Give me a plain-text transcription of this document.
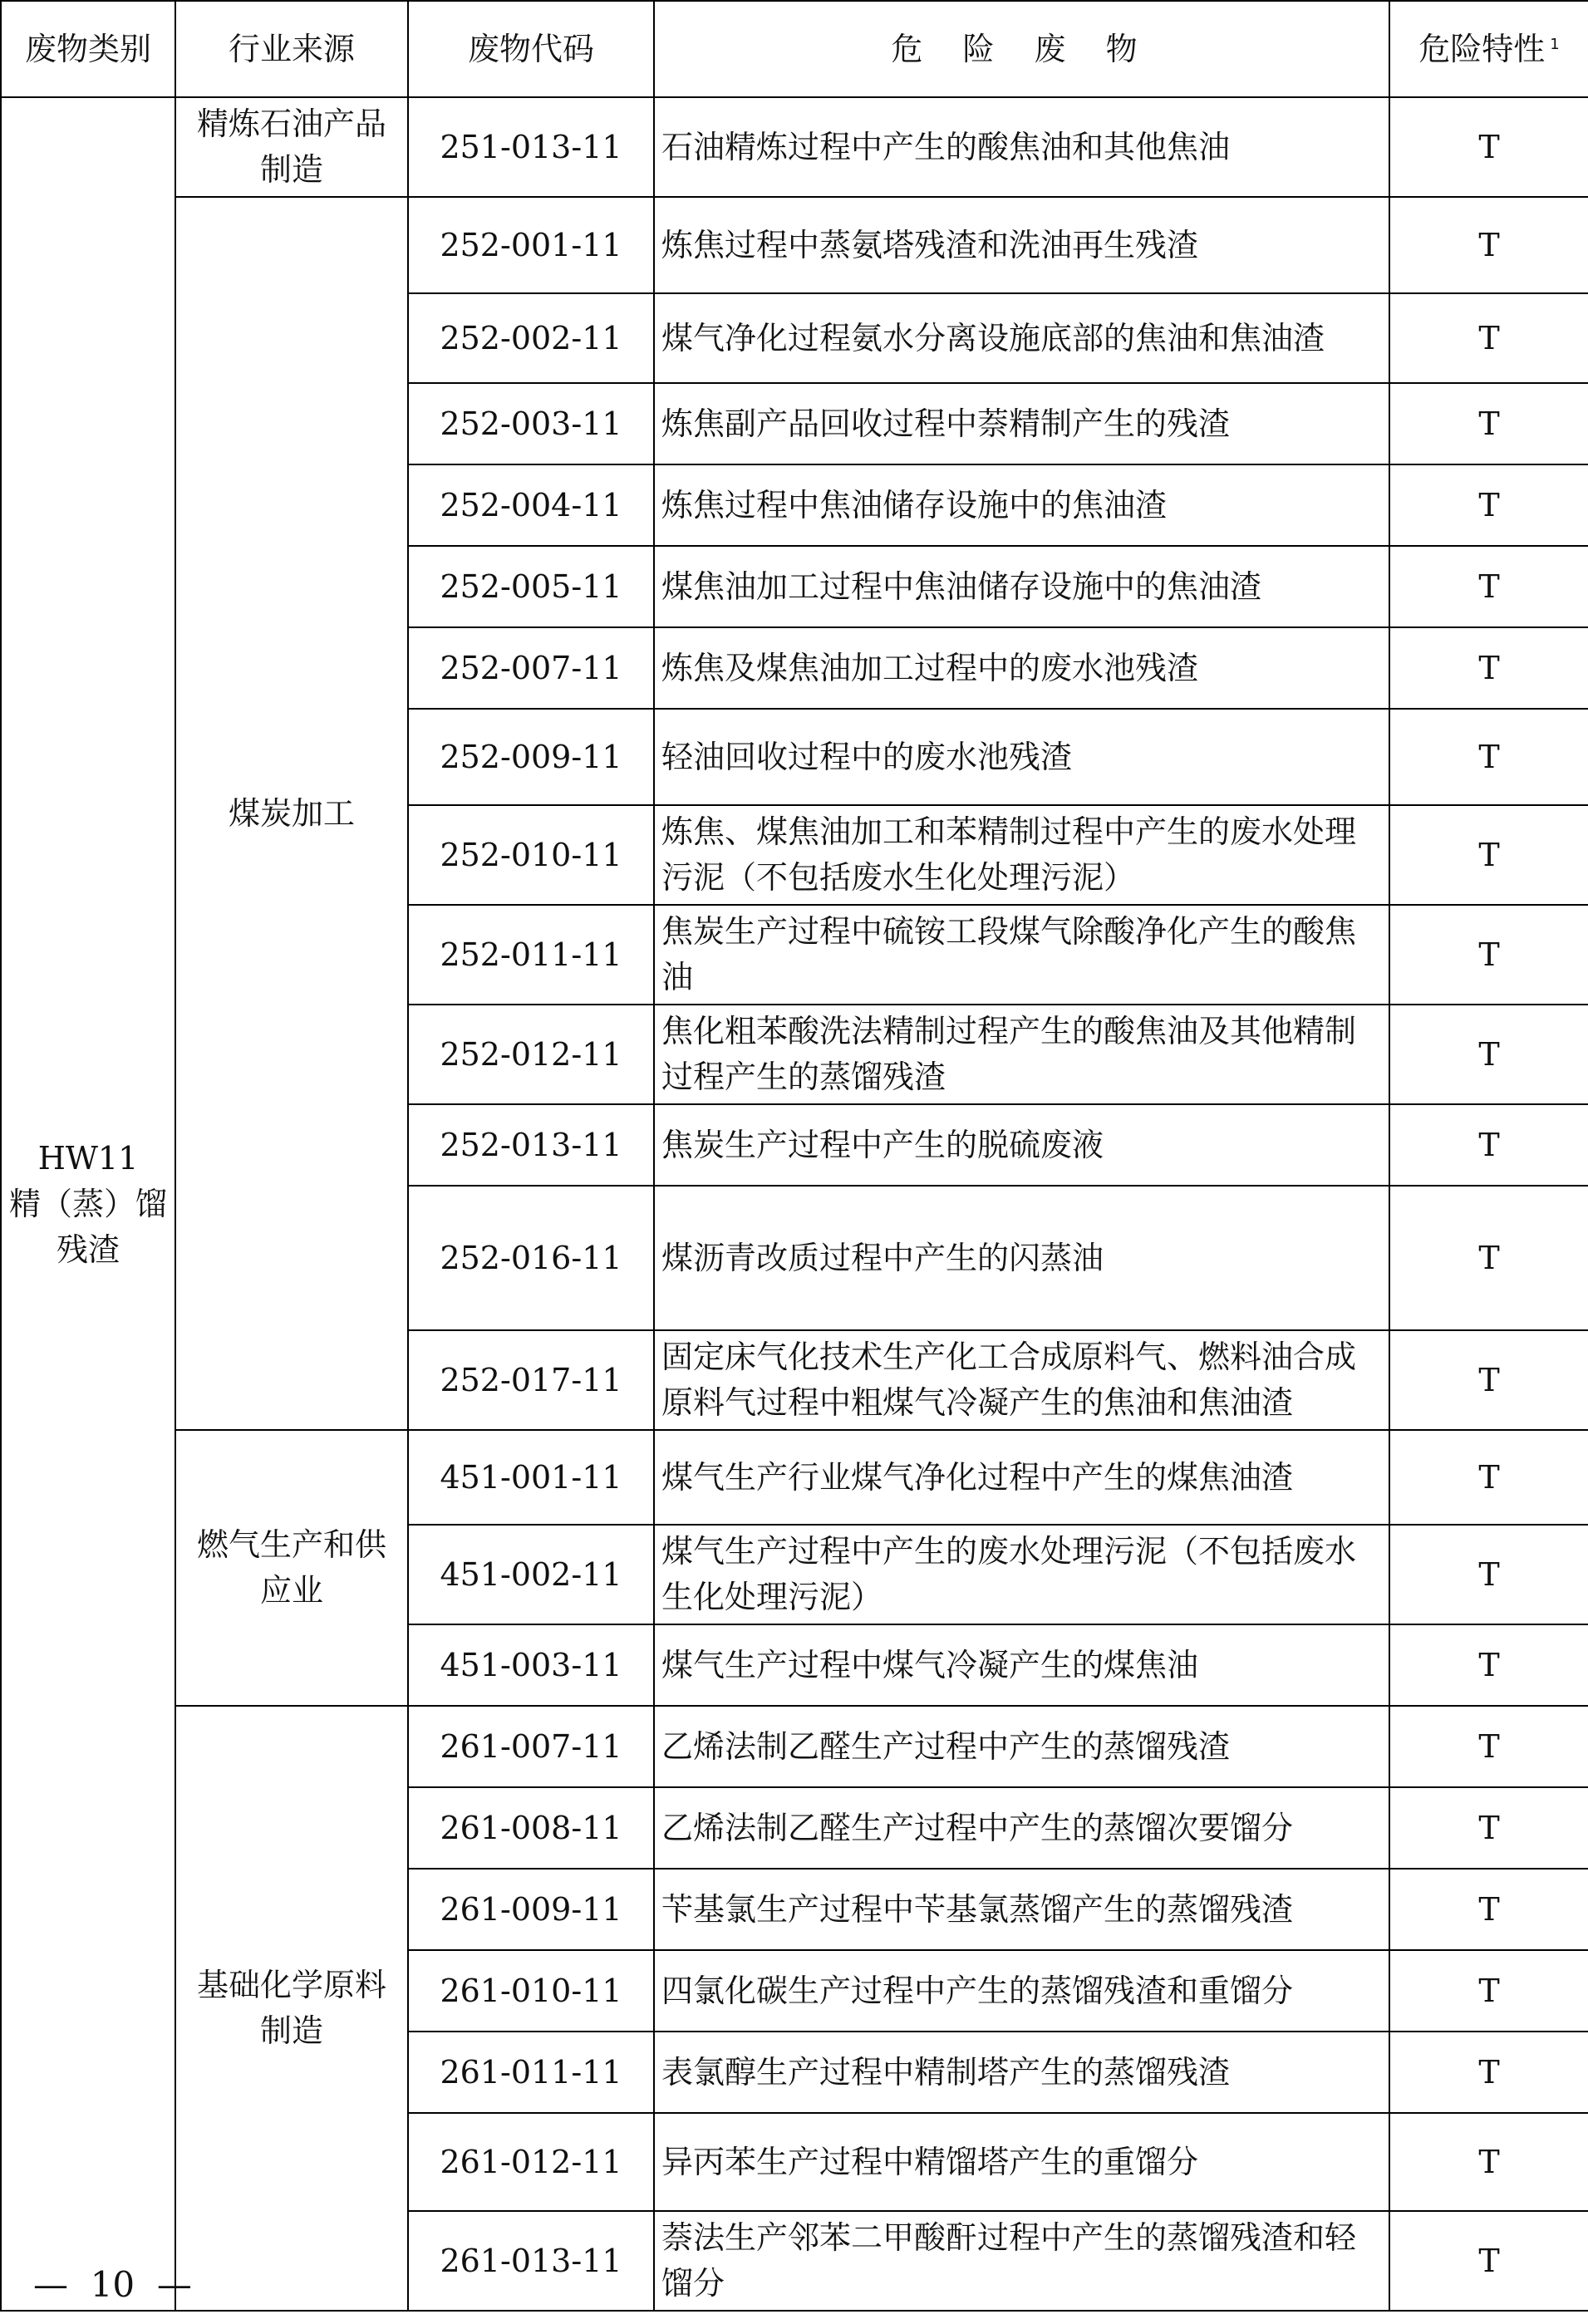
废物类别	行业来源	废物代码	危 险 废 物	危险特性 $^1$

HW11
精（蒸）馏残渣	精炼石油产品制造	251-013-11	石油精炼过程中产生的酸焦油和其他焦油	T
	煤炭加工	252-001-11	炼焦过程中蒸氨塔残渣和洗油再生残渣	T
		252-002-11	煤气净化过程氨水分离设施底部的焦油和焦油渣	T
		252-003-11	炼焦副产品回收过程中萘精制产生的残渣	T
		252-004-11	炼焦过程中焦油储存设施中的焦油渣	T
		252-005-11	煤焦油加工过程中焦油储存设施中的焦油渣	T
		252-007-11	炼焦及煤焦油加工过程中的废水池残渣	T
		252-009-11	轻油回收过程中的废水池残渣	T
		252-010-11	炼焦、煤焦油加工和苯精制过程中产生的废水处理污泥（不包括废水生化处理污泥）	T
		252-011-11	焦炭生产过程中硫铵工段煤气除酸净化产生的酸焦油	T
		252-012-11	焦化粗苯酸洗法精制过程产生的酸焦油及其他精制过程产生的蒸馏残渣	T
		252-013-11	焦炭生产过程中产生的脱硫废液	T
		252-016-11	煤沥青改质过程中产生的闪蒸油	T
		252-017-11	固定床气化技术生产化工合成原料气、燃料油合成原料气过程中粗煤气冷凝产生的焦油和焦油渣	T
	燃气生产和供应业	451-001-11	煤气生产行业煤气净化过程中产生的煤焦油渣	T
		451-002-11	煤气生产过程中产生的废水处理污泥（不包括废水生化处理污泥）	T
		451-003-11	煤气生产过程中煤气冷凝产生的煤焦油	T
	基础化学原料制造	261-007-11	乙烯法制乙醛生产过程中产生的蒸馏残渣	T
		261-008-11	乙烯法制乙醛生产过程中产生的蒸馏次要馏分	T
		261-009-11	苄基氯生产过程中苄基氯蒸馏产生的蒸馏残渣	T
		261-010-11	四氯化碳生产过程中产生的蒸馏残渣和重馏分	T
		261-011-11	表氯醇生产过程中精制塔产生的蒸馏残渣	T
		261-012-11	异丙苯生产过程中精馏塔产生的重馏分	T
		261-013-11	萘法生产邻苯二甲酸酐过程中产生的蒸馏残渣和轻馏分	T
— 10 —
